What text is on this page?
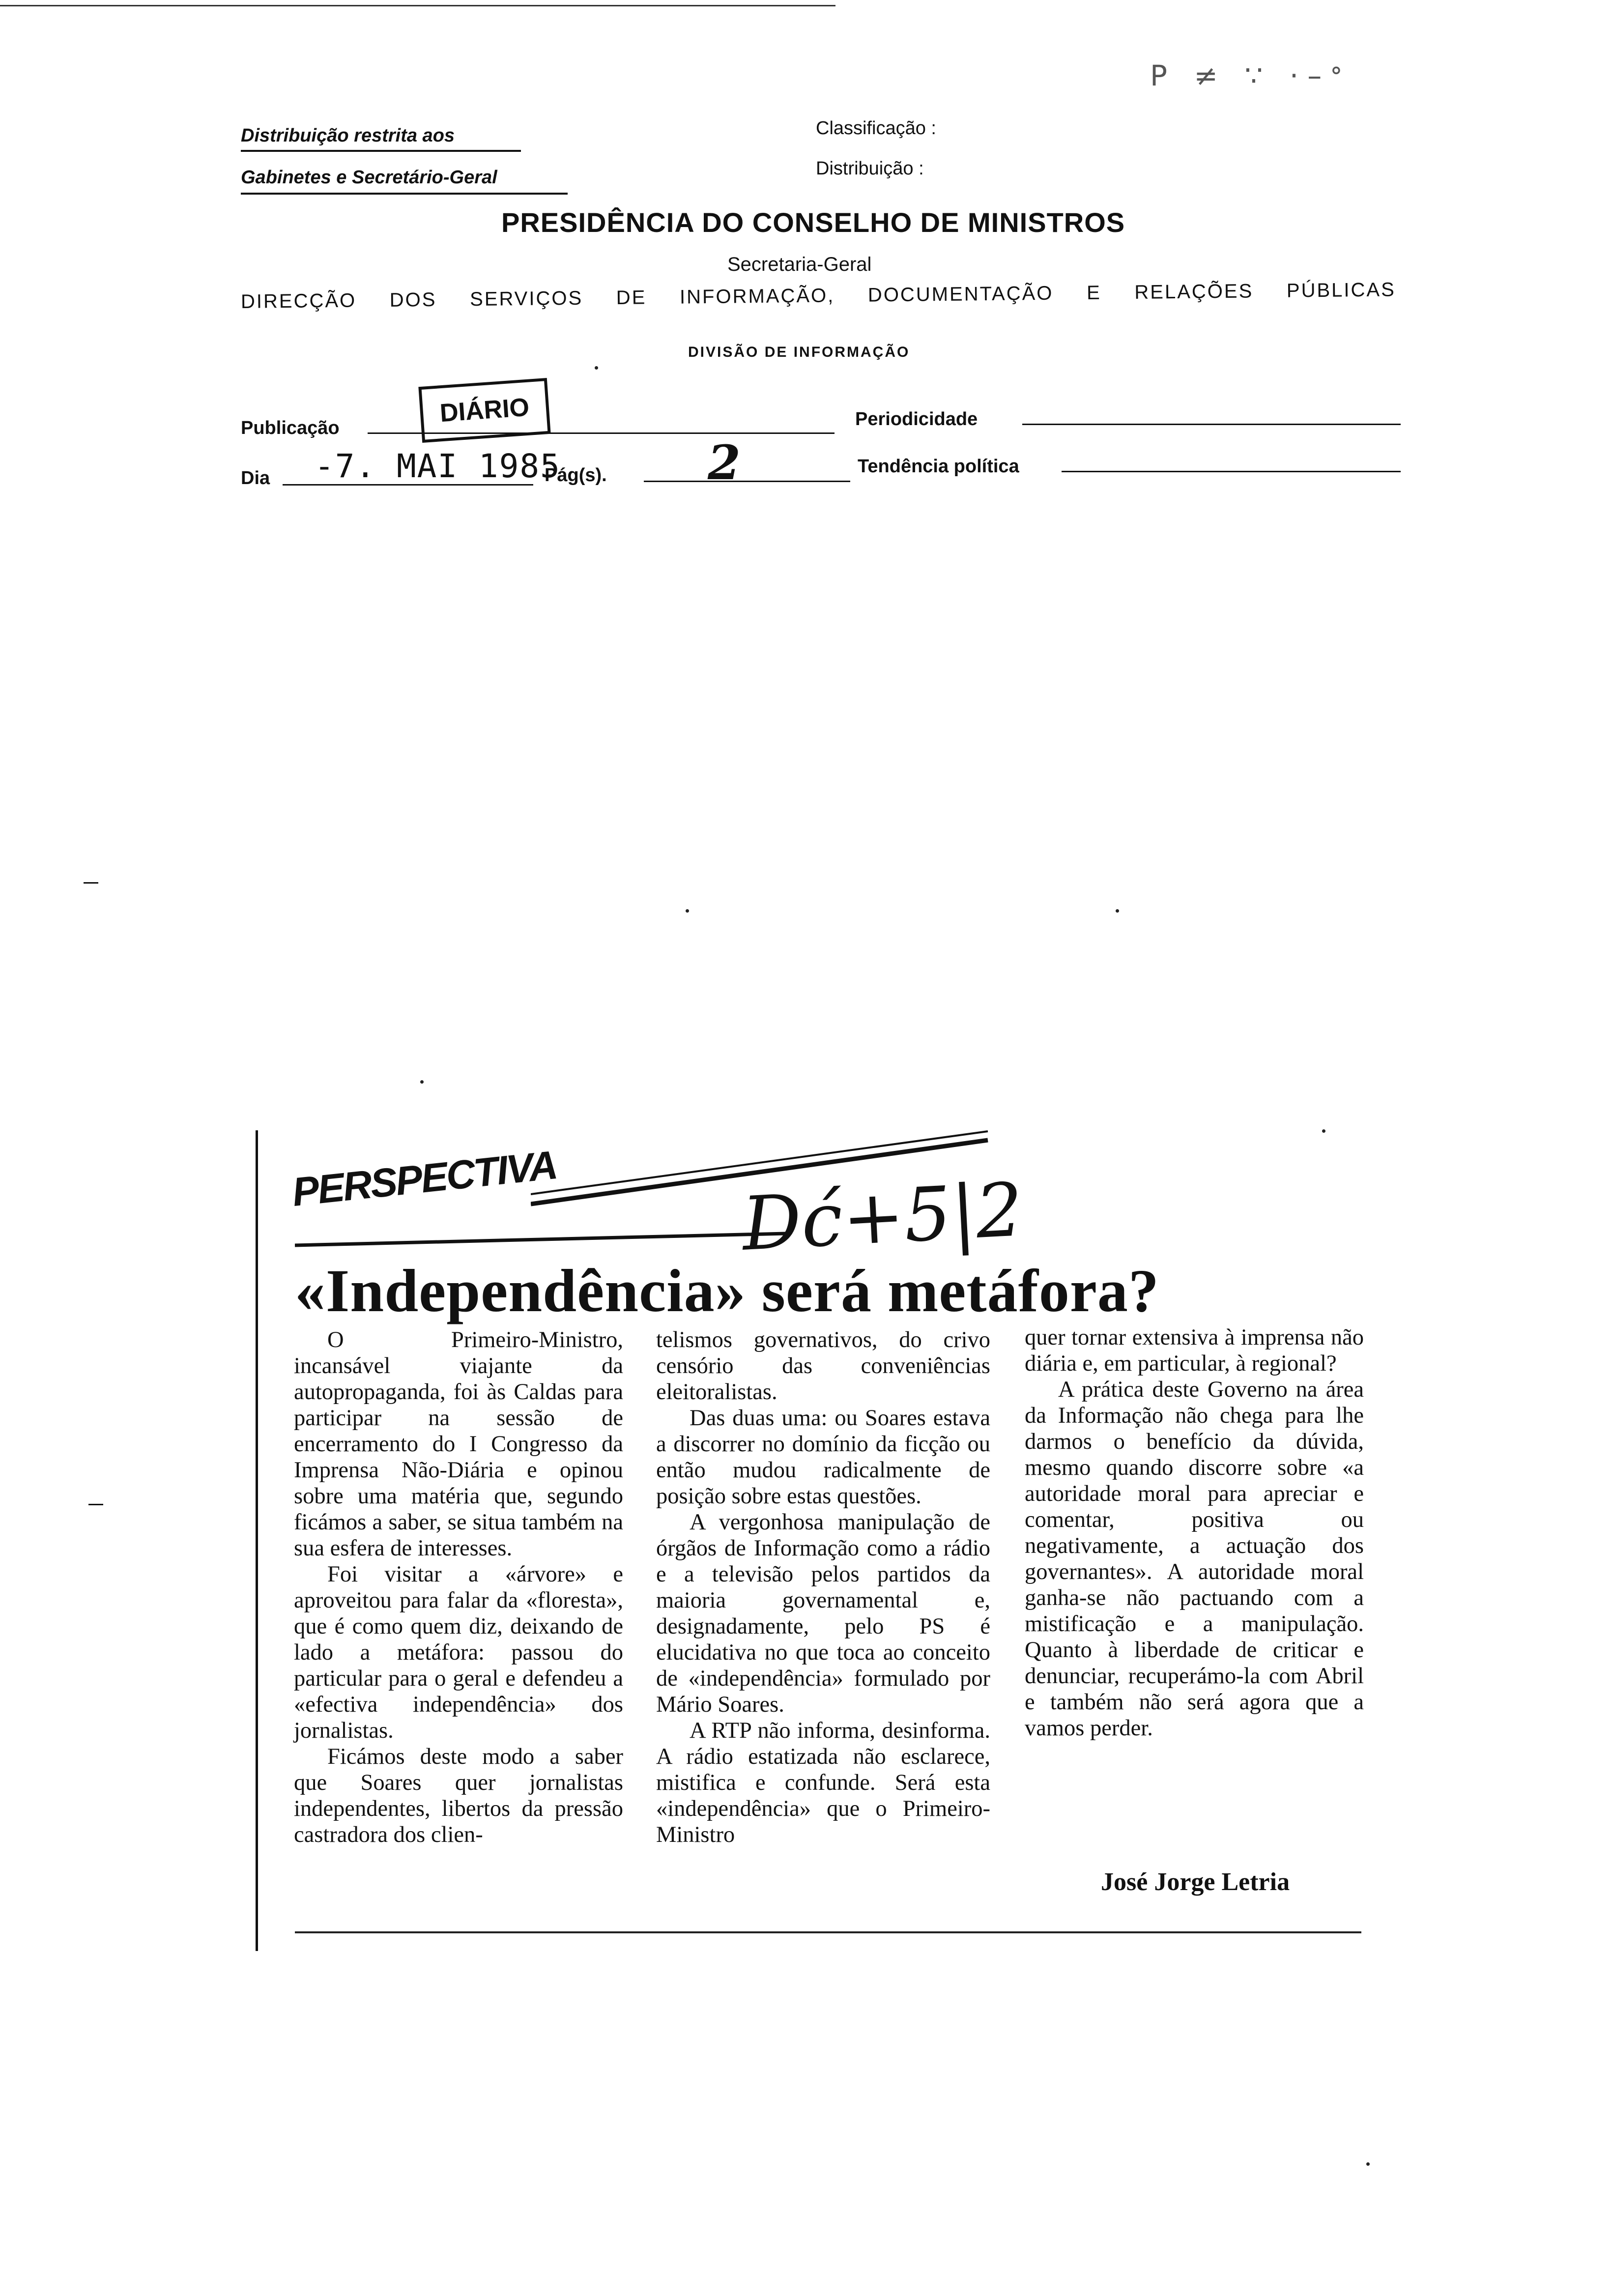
Distribuição restrita aos
Gabinetes e Secretário-Geral
Classificação :
Distribuição :
P ≠ ∵ ·–ᐤ
PRESIDÊNCIA DO CONSELHO DE MINISTROS
Secretaria-Geral
DIRECÇÃO DOS SERVIÇOS DE INFORMAÇÃO, DOCUMENTAÇÃO E RELAÇÕES PÚBLICAS
DIVISÃO DE INFORMAÇÃO
Publicação
DIÁRIO	Periodicidade
Dia -7. MAI 1985
Pág(s). 2	Tendência política
PERSPECTIVA Dć+5|2
«Independência» será metáfora?

O Primeiro-Ministro, incansável viajante da autopropaganda, foi às Caldas para participar na sessão de encerramento do I Congresso da Imprensa Não-Diária e opinou sobre uma matéria que, segundo ficámos a saber, se situa também na sua esfera de interesses.

Foi visitar a «árvore» e aproveitou para falar da «floresta», que é como quem diz, deixando de lado a metáfora: passou do particular para o geral e defendeu a «efectiva independência» dos jornalistas.

Ficámos deste modo a saber que Soares quer jornalistas independentes, libertos da pressão castradora dos clien-

telismos governativos, do crivo censório das conveniências eleitoralistas.

Das duas uma: ou Soares estava a discorrer no domínio da ficção ou então mudou radicalmente de posição sobre estas questões.

A vergonhosa manipulação de órgãos de Informação como a rádio e a televisão pelos partidos da maioria governamental e, designadamente, pelo PS é elucidativa no que toca ao conceito de «independência» formulado por Mário Soares.

A RTP não informa, desinforma. A rádio estatizada não esclarece, mistifica e confunde. Será esta «independência» que o Primeiro-Ministro

quer tornar extensiva à imprensa não diária e, em particular, à regional?

A prática deste Governo na área da Informação não chega para lhe darmos o benefício da dúvida, mesmo quando discorre sobre «a autoridade moral para apreciar e comentar, positiva ou negativamente, a actuação dos governantes». A autoridade moral ganha-se não pactuando com a mistificação e a manipulação. Quanto à liberdade de criticar e denunciar, recuperámo-la com Abril e também não será agora que a vamos perder.

José Jorge Letria
